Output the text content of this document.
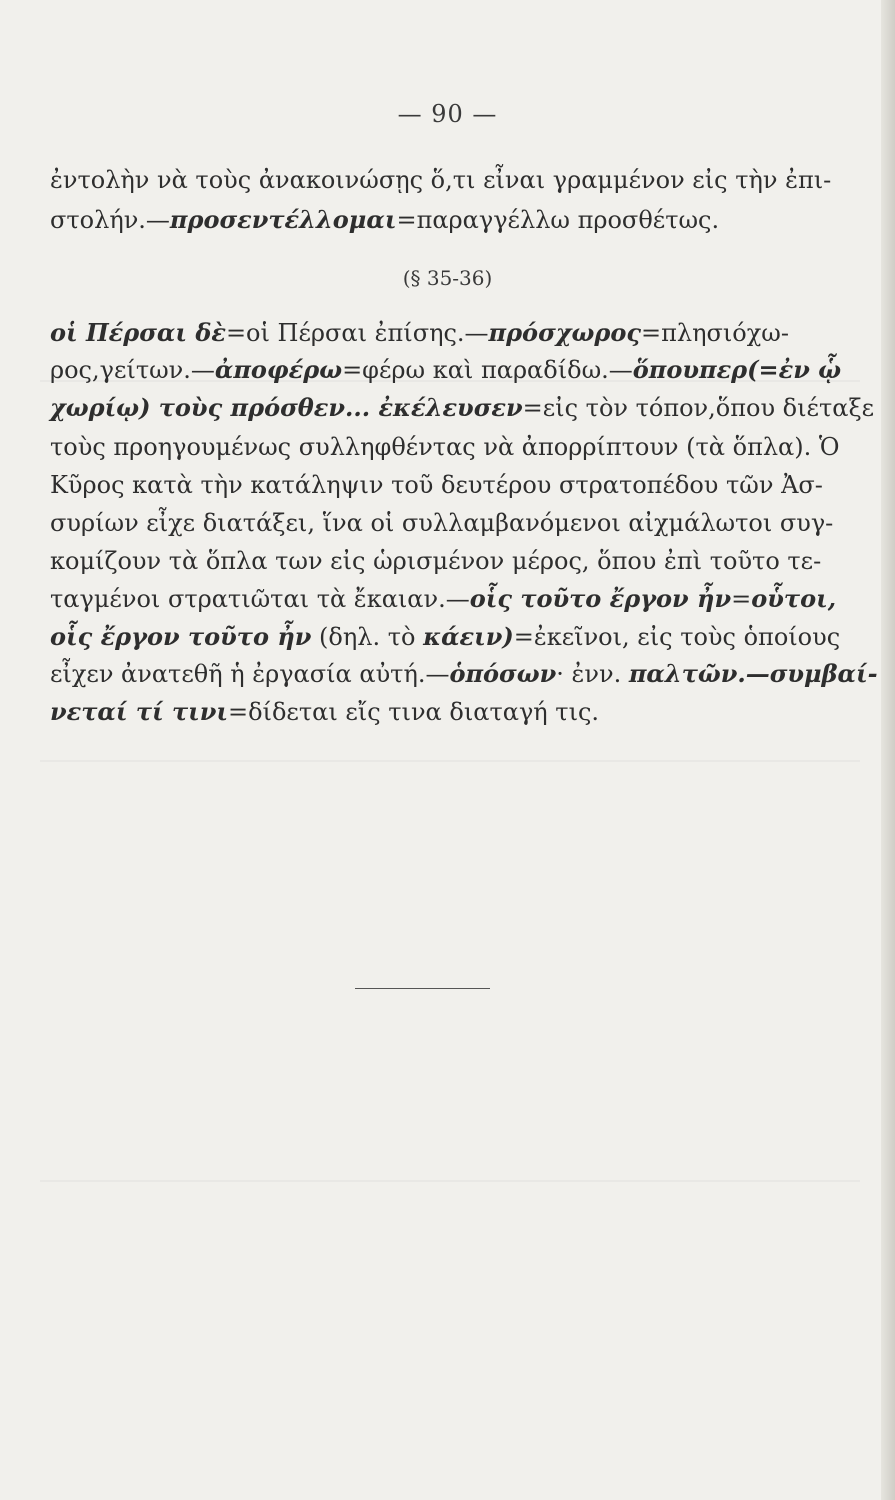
— 90 —
ἐντολὴν νὰ τοὺς ἀνακοινώσῃς ὅ,τι εἶναι γραμμένον εἰς τὴν ἐπι-
στολήν.—προσεντέλλομαι=παραγγέλλω προσθέτως.
(§ 35-36)
οἱ Πέρσαι δὲ=οἱ Πέρσαι ἐπίσης.—πρόσχωρος=πλησιόχω-
ρος,γείτων.—ἀποφέρω=φέρω καὶ παραδίδω.—ὅπουπερ(=ἐν ᾧ
χωρίῳ) τοὺς πρόσθεν... ἐκέλευσεν=εἰς τὸν τόπον,ὅπου διέταξε
τοὺς προηγουμένως συλληφθέντας νὰ ἀπορρίπτουν (τὰ ὅπλα). Ὁ
Κῦρος κατὰ τὴν κατάληψιν τοῦ δευτέρου στρατοπέδου τῶν Ἀσ-
συρίων εἶχε διατάξει, ἵνα οἱ συλλαμβανόμενοι αἰχμάλωτοι συγ-
κομίζουν τὰ ὅπλα των εἰς ὡρισμένον μέρος, ὅπου ἐπὶ τοῦτο τε-
ταγμένοι στρατιῶται τὰ ἔκαιαν.—οἷς τοῦτο ἔργον ἦν=οὗτοι,
οἷς ἔργον τοῦτο ἦν (δηλ. τὸ κάειν)=ἐκεῖνοι, εἰς τοὺς ὁποίους
εἶχεν ἀνατεθῆ ἡ ἐργασία αὐτή.—ὁπόσων· ἐνν. παλτῶν.—συμβαί-
νεταί τί τινι=δίδεται εἴς τινα διαταγή τις.
